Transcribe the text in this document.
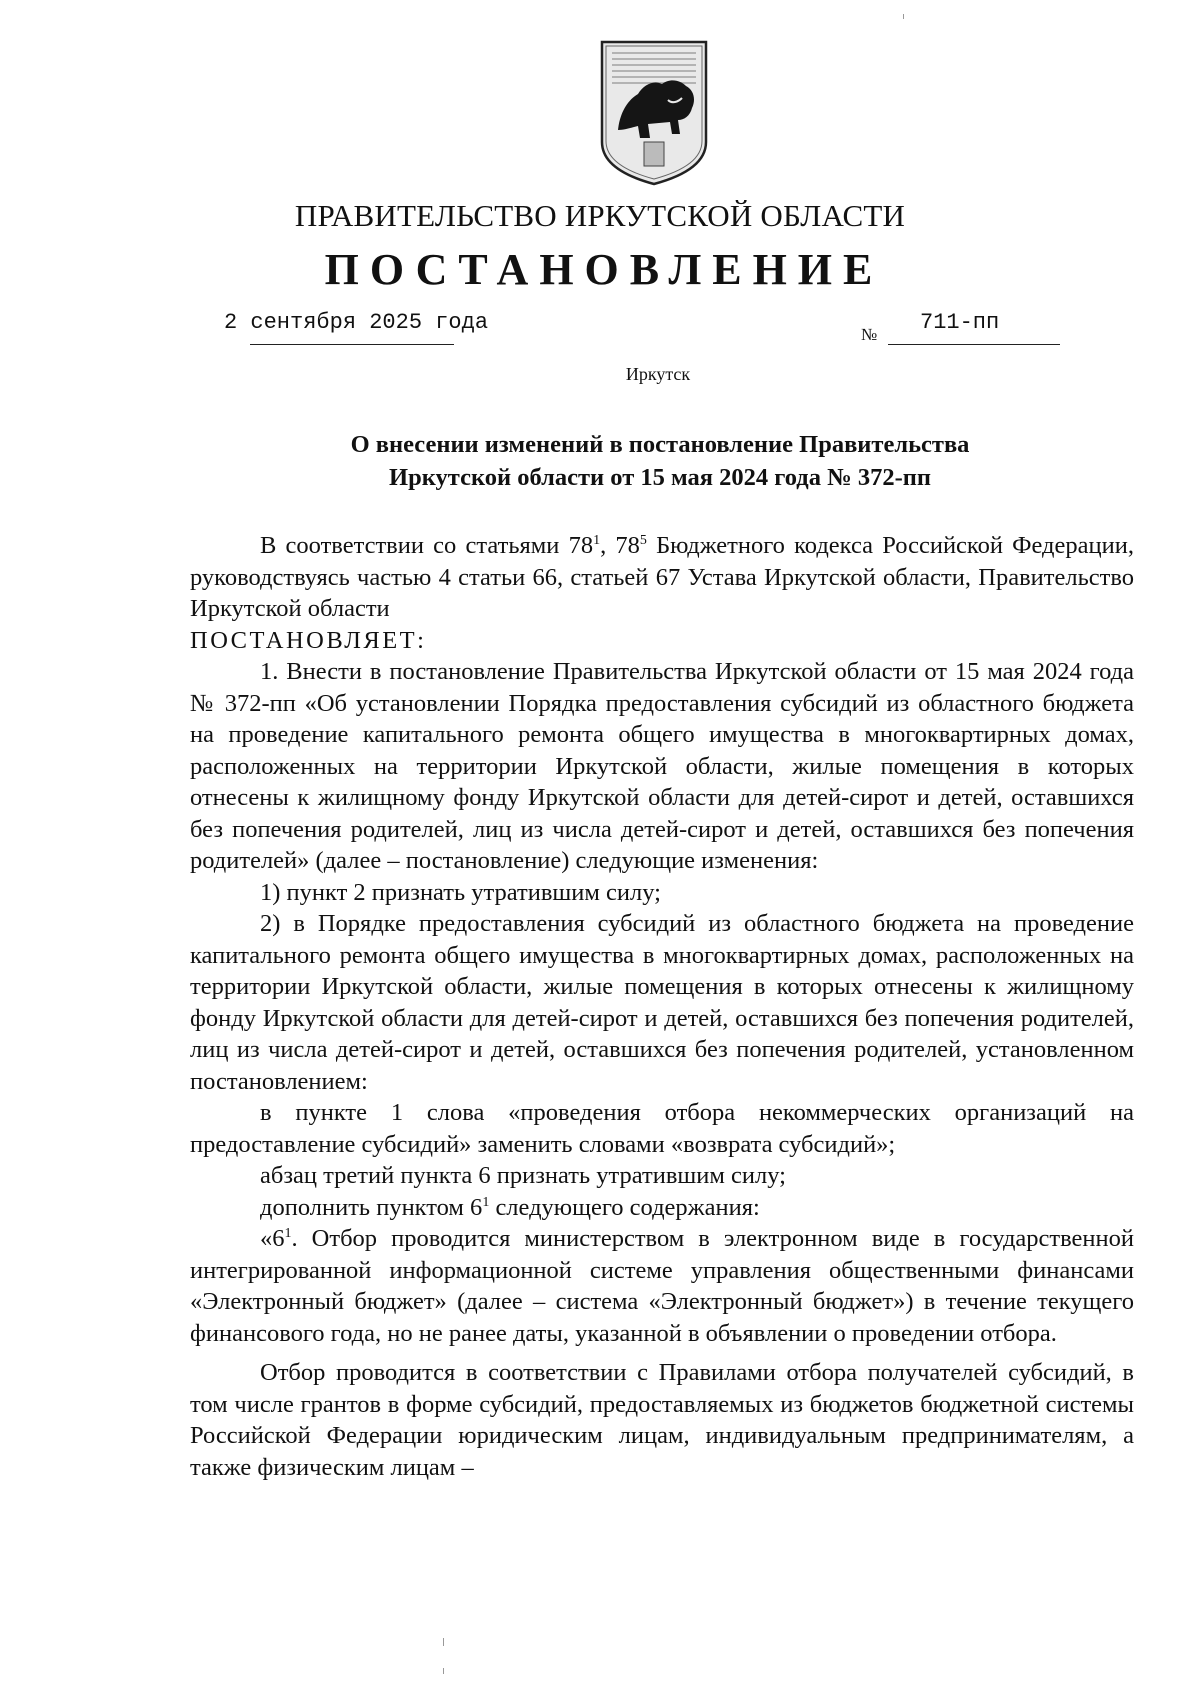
ПРАВИТЕЛЬСТВО ИРКУТСКОЙ ОБЛАСТИ
ПОСТАНОВЛЕНИЕ
2 сентября 2025 года	№ 711-пп
Иркутск
О внесении изменений в постановление Правительства
Иркутской области от 15 мая 2024 года № 372-пп

В соответствии со статьями $78^1$, $78^5$ Бюджетного кодекса Российской Федерации, руководствуясь частью 4 статьи 66, статьей 67 Устава Иркутской области, Правительство Иркутской области

ПОСТАНОВЛЯЕТ:

1. Внести в постановление Правительства Иркутской области от 15 мая 2024 года № 372-пп «Об установлении Порядка предоставления субсидий из областного бюджета на проведение капитального ремонта общего имущества в многоквартирных домах, расположенных на территории Иркутской области, жилые помещения в которых отнесены к жилищному фонду Иркутской области для детей-сирот и детей, оставшихся без попечения родителей, лиц из числа детей-сирот и детей, оставшихся без попечения родителей» (далее – постановление) следующие изменения:

1) пункт 2 признать утратившим силу;

2) в Порядке предоставления субсидий из областного бюджета на проведение капитального ремонта общего имущества в многоквартирных домах, расположенных на территории Иркутской области, жилые помещения в которых отнесены к жилищному фонду Иркутской области для детей-сирот и детей, оставшихся без попечения родителей, лиц из числа детей-сирот и детей, оставшихся без попечения родителей, установленном постановлением:

в пункте 1 слова «проведения отбора некоммерческих организаций на предоставление субсидий» заменить словами «возврата субсидий»;

абзац третий пункта 6 признать утратившим силу;

дополнить пунктом $6^1$ следующего содержания:

«$6^1$. Отбор проводится министерством в электронном виде в государственной интегрированной информационной системе управления общественными финансами «Электронный бюджет» (далее – система «Электронный бюджет») в течение текущего финансового года, но не ранее даты, указанной в объявлении о проведении отбора.

Отбор проводится в соответствии с Правилами отбора получателей субсидий, в том числе грантов в форме субсидий, предоставляемых из бюджетов бюджетной системы Российской Федерации юридическим лицам, индивидуальным предпринимателям, а также физическим лицам –
